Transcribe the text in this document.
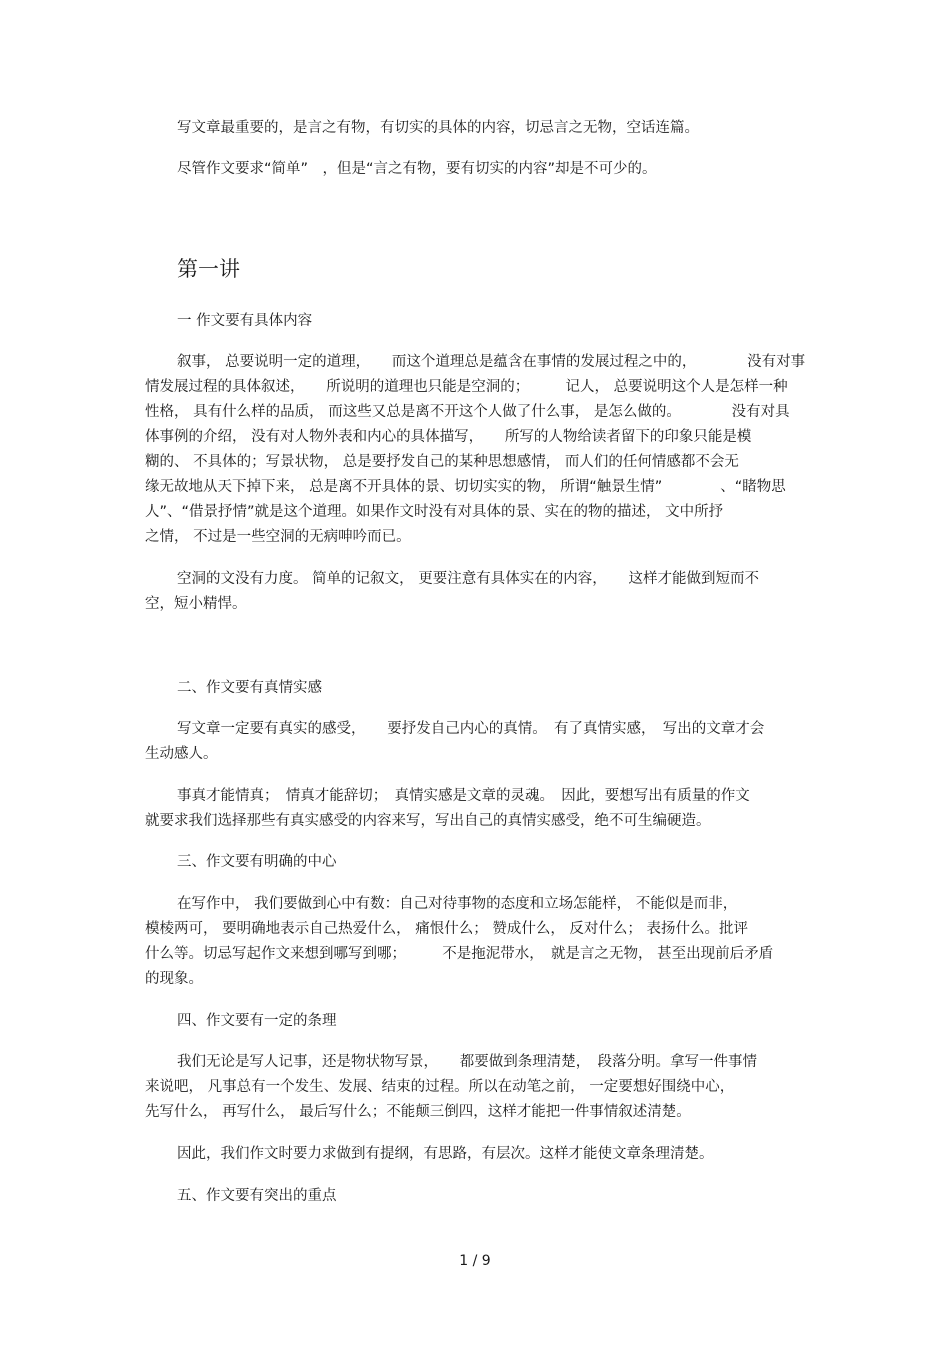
写文章最重要的，是言之有物，有切实的具体的内容，切忌言之无物，空话连篇。
尽管作文要求“简单”　，但是“言之有物，要有切实的内容”却是不可少的。
第一讲
一 作文要有具体内容
叙事， 总要说明一定的道理，　　而这个道理总是蕴含在事情的发展过程之中的，　　　　没有对事
情发展过程的具体叙述，　　所说明的道理也只能是空洞的；　　　记人， 总要说明这个人是怎样一种
性格， 具有什么样的品质， 而这些又总是离不开这个人做了什么事， 是怎么做的。　　　　没有对具
体事例的介绍， 没有对人物外表和内心的具体描写，　　所写的人物给读者留下的印象只能是模
糊的、 不具体的；写景状物， 总是要抒发自己的某种思想感情， 而人们的任何情感都不会无
缘无故地从天下掉下来， 总是离不开具体的景、切切实实的物， 所谓“触景生情”　　　　、“睹物思
人”、“借景抒情”就是这个道理。如果作文时没有对具体的景、实在的物的描述， 文中所抒
之情， 不过是一些空洞的无病呻吟而已。
空洞的文没有力度。 简单的记叙文， 更要注意有具体实在的内容，　　这样才能做到短而不
空，短小精悍。
二、作文要有真情实感
写文章一定要有真实的感受，　　要抒发自己内心的真情。　有了真情实感，　写出的文章才会
生动感人。
事真才能情真；　情真才能辞切；　真情实感是文章的灵魂。　因此，要想写出有质量的作文
就要求我们选择那些有真实感受的内容来写，写出自己的真情实感受，绝不可生编硬造。
三、作文要有明确的中心
在写作中， 我们要做到心中有数：自己对待事物的态度和立场怎能样， 不能似是而非，
模棱两可， 要明确地表示自己热爱什么， 痛恨什么； 赞成什么， 反对什么； 表扬什么。批评
什么等。切忌写起作文来想到哪写到哪；　　　不是拖泥带水，　就是言之无物， 甚至出现前后矛盾
的现象。
四、作文要有一定的条理
我们无论是写人记事，还是物状物写景，　　都要做到条理清楚，　段落分明。拿写一件事情
来说吧， 凡事总有一个发生、发展、结束的过程。所以在动笔之前， 一定要想好围绕中心，
先写什么， 再写什么， 最后写什么；不能颠三倒四，这样才能把一件事情叙述清楚。
因此，我们作文时要力求做到有提纲，有思路，有层次。这样才能使文章条理清楚。
五、作文要有突出的重点
1 / 9
